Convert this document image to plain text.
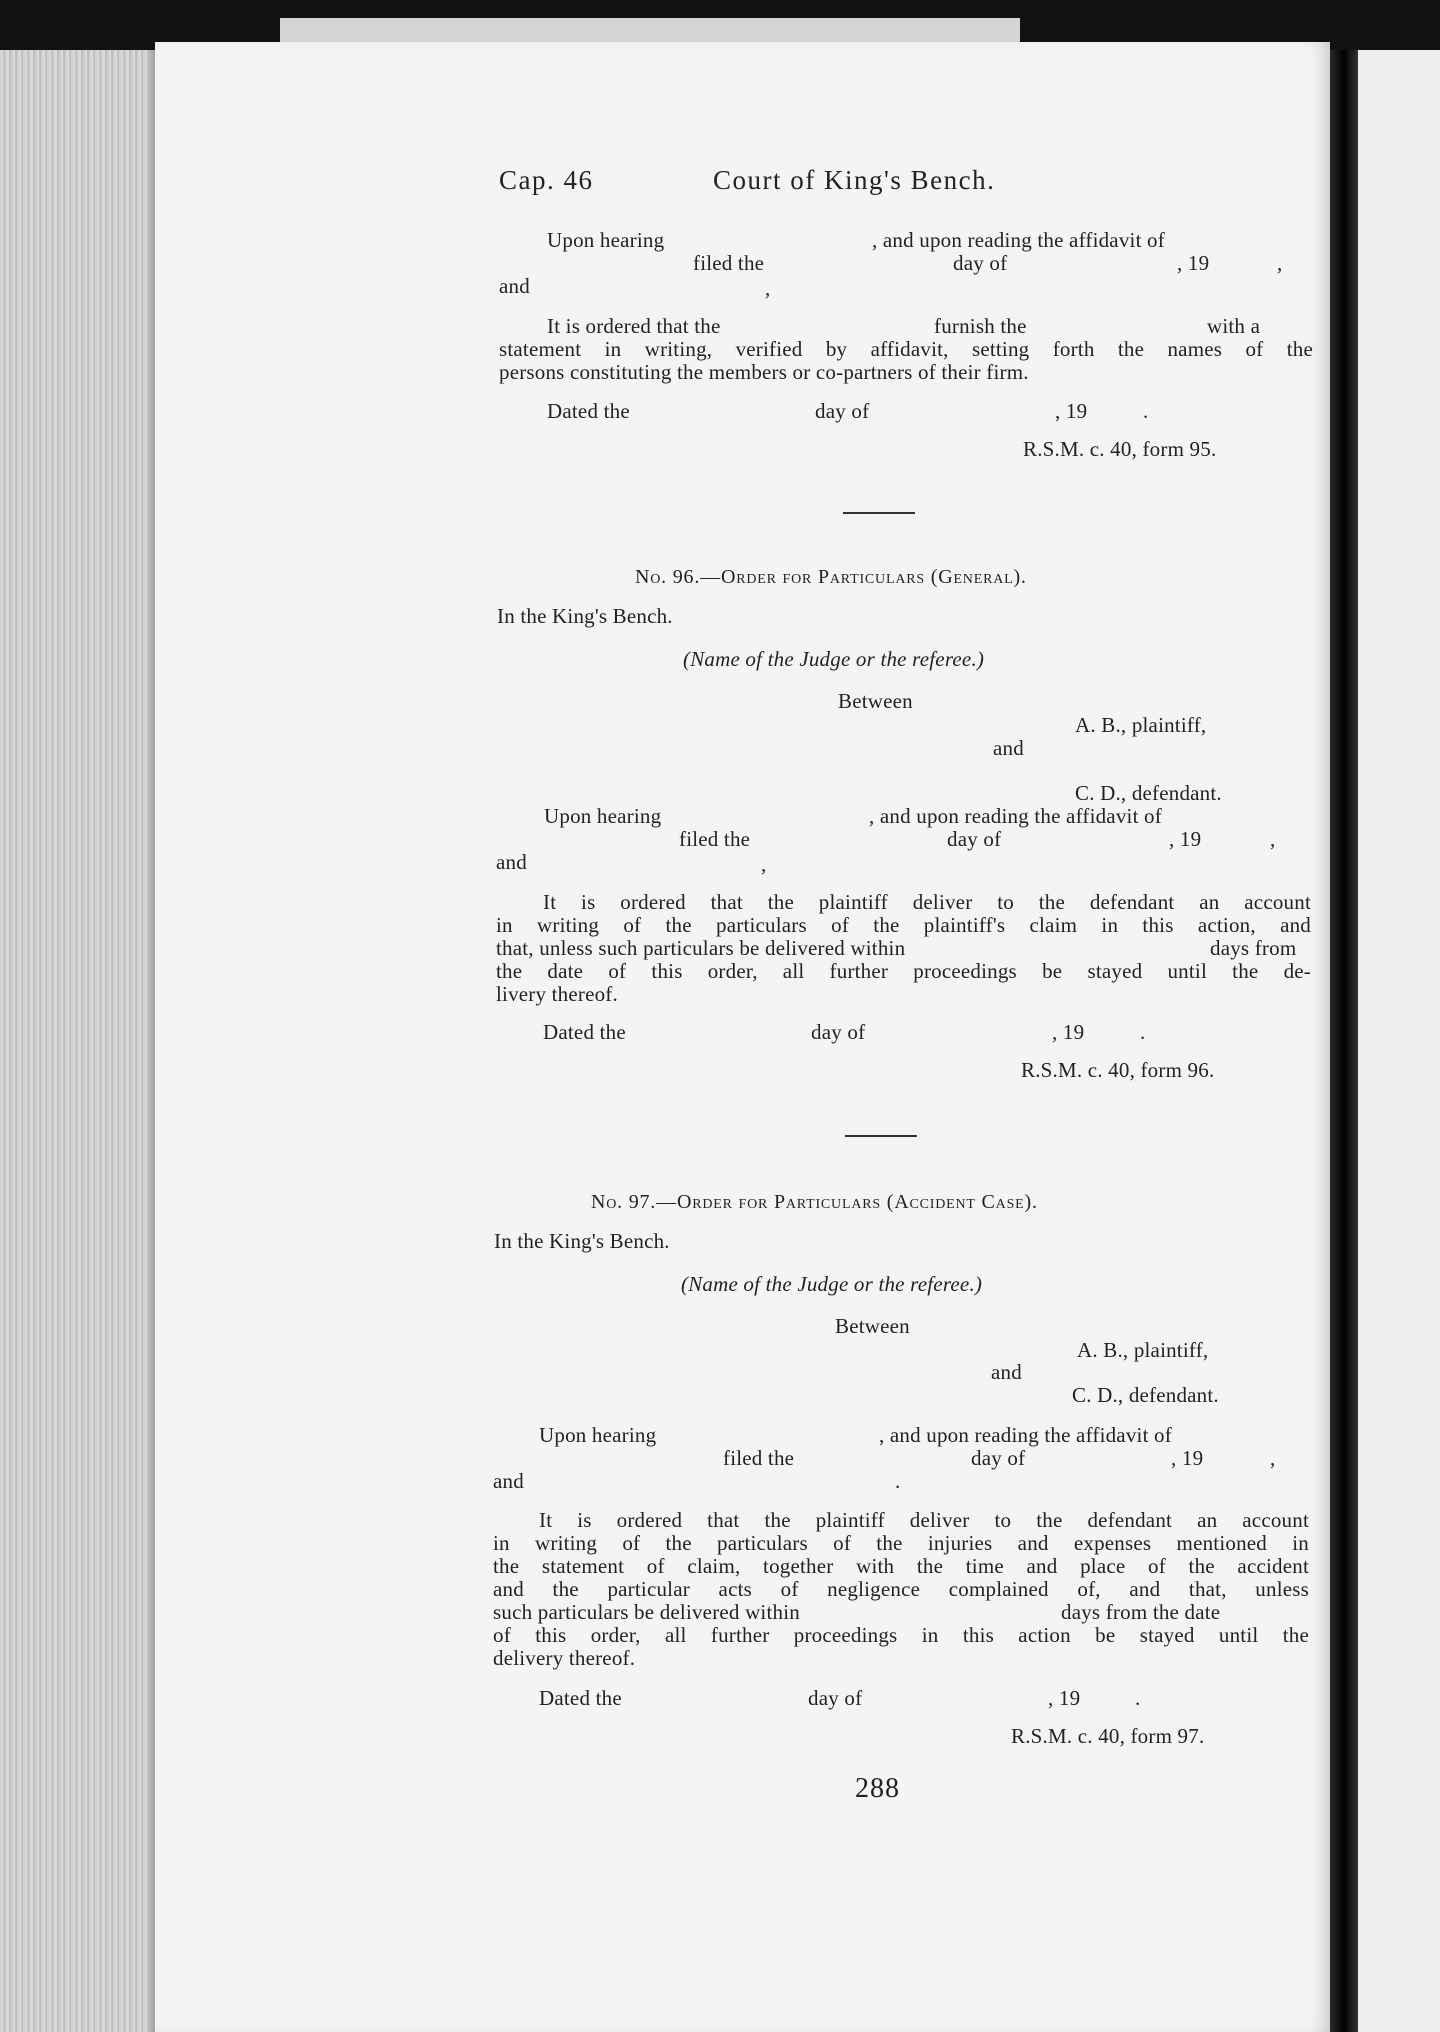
Cap. 46	Court of King's Bench.
Upon hearing	, and upon reading the affidavit of
filed the	day of	, 19	,
and	,
It is ordered that the	furnish the	with a
statement in writing, verified by affidavit, setting forth the names of the
persons constituting the members or co-partners of their firm.
Dated the	day of	, 19	.
R.S.M. c. 40, form 95.
No. 96.—Order for Particulars (General).
In the King's Bench.
(Name of the Judge or the referee.)
Between
A. B., plaintiff,
and
C. D., defendant.
Upon hearing	, and upon reading the affidavit of
filed the	day of	, 19	,
and	,
It is ordered that the plaintiff deliver to the defendant an account
in writing of the particulars of the plaintiff's claim in this action, and
that, unless such particulars be delivered within	days from
the date of this order, all further proceedings be stayed until the de-
livery thereof.
Dated the	day of	, 19	.
R.S.M. c. 40, form 96.
No. 97.—Order for Particulars (Accident Case).
In the King's Bench.
(Name of the Judge or the referee.)
Between
A. B., plaintiff,
and
C. D., defendant.
Upon hearing	, and upon reading the affidavit of
filed the	day of	, 19	,
and	.
It is ordered that the plaintiff deliver to the defendant an account
in writing of the particulars of the injuries and expenses mentioned in
the statement of claim, together with the time and place of the accident
and the particular acts of negligence complained of, and that, unless
such particulars be delivered within	days from the date
of this order, all further proceedings in this action be stayed until the
delivery thereof.
Dated the	day of	, 19	.
R.S.M. c. 40, form 97.
288
